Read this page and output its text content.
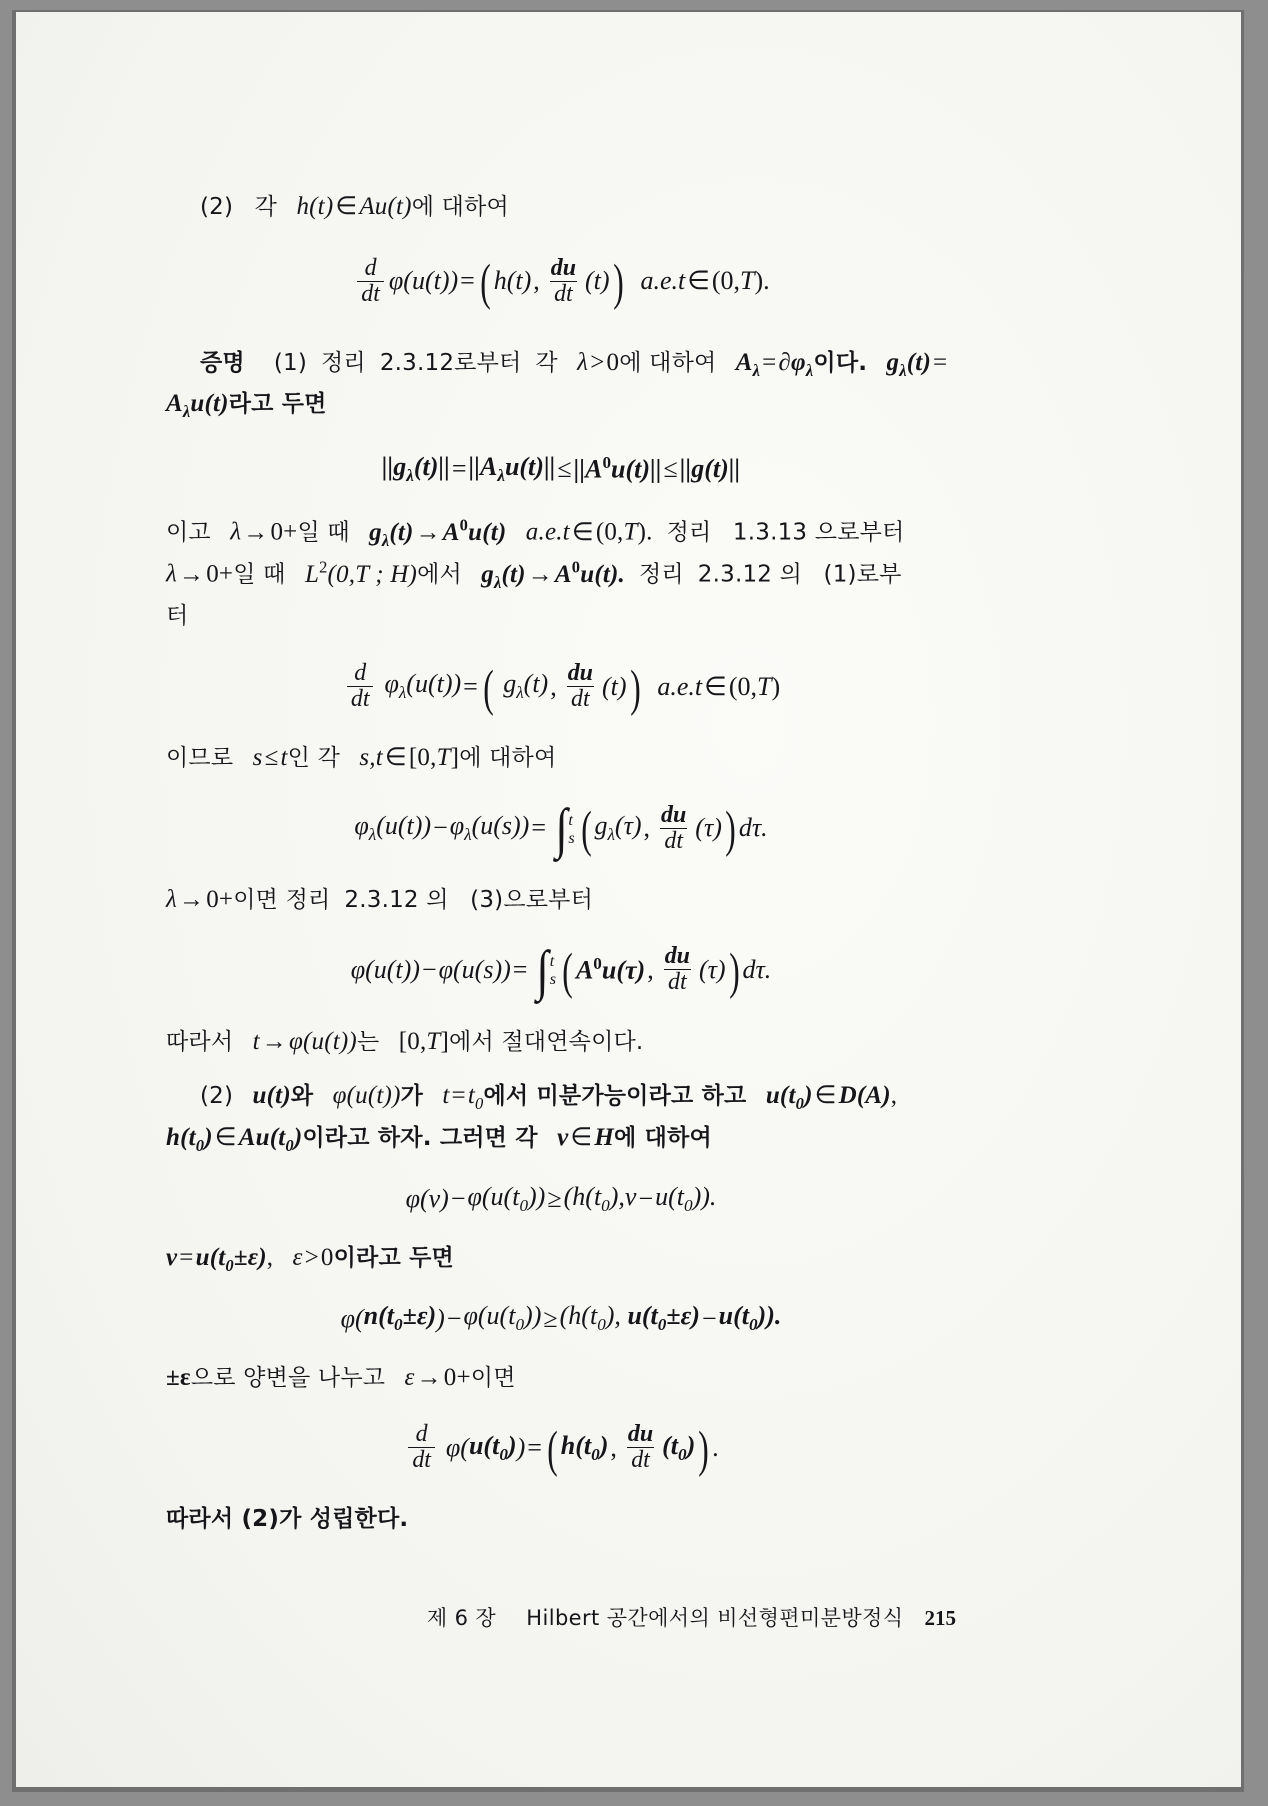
(2) 각   h(t)∈Au(t)에 대하여

$\frac{d}{dt} \varphi(u(t))$ = ( h(t) , $\frac{du}{dt} (t)$ ) a.e.t ∈ (0,T).

증명 (1) 정리 2.3.12로부터 각   λ>0에 대하여   $A_\lambda=\partial\varphi_\lambda$이다.   $g_\lambda(t)=$
$A_\lambda u(t)$라고 두면

$||g_\lambda(t)|| = ||A_\lambda u(t)|| \le ||A^0u(t)|| \le ||g(t)||$

이고   λ→0+일 때   $g_\lambda(t)\to A^0u(t)$   a.e.t∈(0,T). 정리 1.3.13 으로부터
λ→0+일 때   $L^2(0,T$ ; H)에서   $g_\lambda(t)\to A^0u(t)$. 정리 2.3.12 의 (1)로부
터

$\frac{d}{dt} \varphi_\lambda(u(t))$ = ( $g_\lambda(t)$ , $\frac{du}{dt} (t)$ ) a.e.t ∈ (0,T)

이므로   s≤t인 각   s,t∈[0,T]에 대하여

$\varphi_\lambda(u(t)) - \varphi_\lambda(u(s))$ = ∫ t
s ( $g_\lambda(\tau)$ , $\frac{du}{dt} (\tau)$ ) dτ.

λ→0+이면 정리 2.3.12 의 (3)으로부터

φ(u(t)) − φ(u(s)) = ∫ t
s ( $A^0u(\tau)$ , $\frac{du}{dt} (\tau)$ ) dτ.

따라서   t→φ(u(t))는   [0,T]에서 절대연속이다.

(2)   u(t)와   φ(u(t))가   $t=t_0$에서 미분가능이라고 하고   $u(t_0)\in D(A)$,
$h(t_0)\in Au(t_0)$이라고 하자. 그러면 각   v∈H에 대하여

$\varphi(v) - \varphi(u(t_0)) \ge (h(t_0),v - u(t_0))$.

$v=u(t_0\pm\varepsilon)$,   ε>0이라고 두면

φ( $n(t_0\pm\varepsilon)$ ) − $\varphi(u(t_0)) \ge (h(t_0)$, $u(t_0\pm\varepsilon) - u(t_0)$).

±ε으로 양변을 나누고   ε→0+이면

$\frac{d}{dt} \varphi$( $u(t_0)$ ) = ( $h(t_0)$ , $\frac{du}{dt} (t_0)$ ) .

따라서 (2)가 성립한다.

제 6 장 Hilbert 공간에서의 비선형편미분방정식 215
